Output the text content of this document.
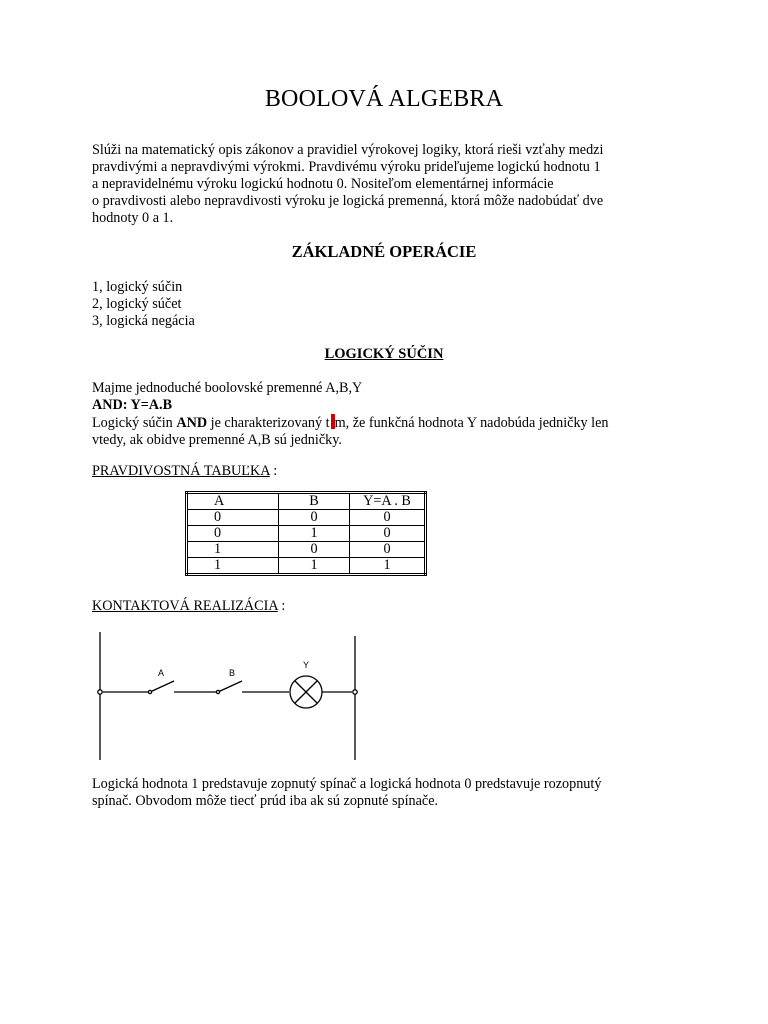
BOOLOVÁ ALGEBRA

Slúži na matematický opis zákonov a pravidiel výrokovej logiky, ktorá rieši vzťahy medzi
pravdivými a nepravdivými výrokmi. Pravdivému výroku prideľujeme logickú hodnotu 1
a nepravidelnému výroku logickú hodnotu 0. Nositeľom elementárnej informácie
o pravdivosti alebo nepravdivosti výroku je logická premenná, ktorá môže nadobúdať dve
hodnoty 0 a 1.

ZÁKLADNÉ OPERÁCIE
1, logický súčin
2, logický súčet
3, logická negácia
LOGICKÝ SÚČIN

Majme jednoduché boolovské premenné A,B,Y
AND: Y=A.B
Logický súčin AND je charakterizovaný t m, že funkčná hodnota Y nadobúda jedničky len
vtedy, ak obidve premenné A,B sú jedničky.

PRAVDIVOSTNÁ TABUĽKA :

A	B	Y=A . B
0	0	0
0	1	0
1	0	0
1	1	1

KONTAKTOVÁ REALIZÁCIA :

A	B
Y

Logická hodnota 1 predstavuje zopnutý spínač a logická hodnota 0 predstavuje rozopnutý
spínač. Obvodom môže tiecť prúd iba ak sú zopnuté spínače.
